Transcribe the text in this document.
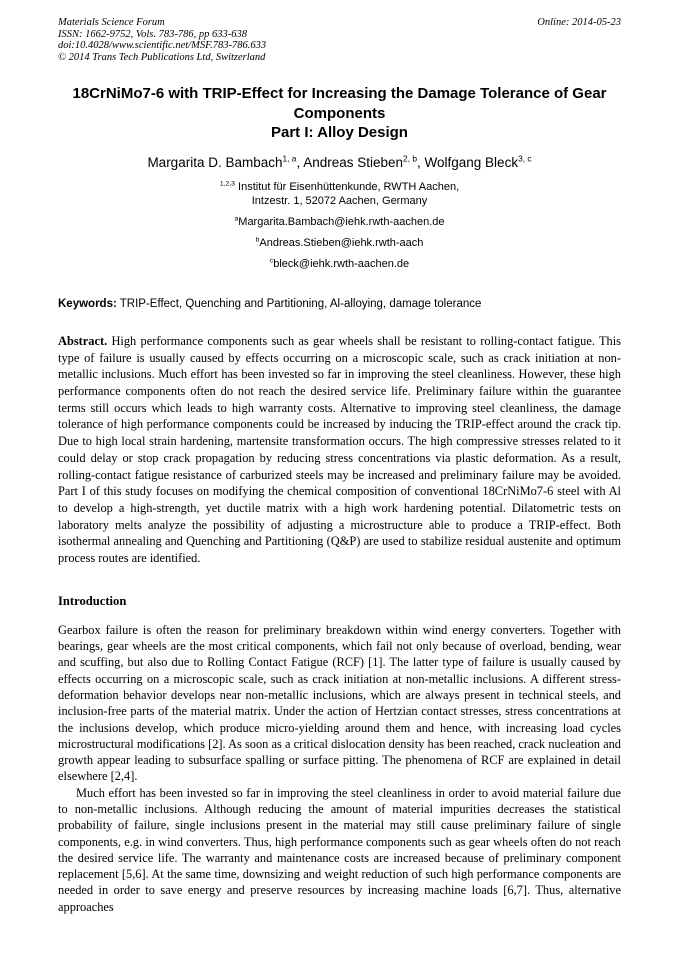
Materials Science Forum
ISSN: 1662-9752, Vols. 783-786, pp 633-638
doi:10.4028/www.scientific.net/MSF.783-786.633
© 2014 Trans Tech Publications Ltd, Switzerland
Online: 2014-05-23
18CrNiMo7-6 with TRIP-Effect for Increasing the Damage Tolerance of Gear Components
Part I: Alloy Design
Margarita D. Bambach$^{1, a}$, Andreas Stieben$^{2, b}$, Wolfgang Bleck$^{3, c}$
$^{1,2,3}$ Institut für Eisenhüttenkunde, RWTH Aachen,
Intzestr. 1, 52072 Aachen, Germany
$^a$Margarita.Bambach@iehk.rwth-aachen.de
$^b$Andreas.Stieben@iehk.rwth-aach
$^c$bleck@iehk.rwth-aachen.de

Keywords: TRIP-Effect, Quenching and Partitioning, Al-alloying, damage tolerance

Abstract. High performance components such as gear wheels shall be resistant to rolling-contact fatigue. This type of failure is usually caused by effects occurring on a microscopic scale, such as crack initiation at non-metallic inclusions. Much effort has been invested so far in improving the steel cleanliness. However, these high performance components often do not reach the desired service life. Preliminary failure within the guarantee terms still occurs which leads to high warranty costs. Alternative to improving steel cleanliness, the damage tolerance of high performance components could be increased by inducing the TRIP-effect around the crack tip. Due to high local strain hardening, martensite transformation occurs. The high compressive stresses related to it could delay or stop crack propagation by reducing stress concentrations via plastic deformation. As a result, rolling-contact fatigue resistance of carburized steels may be increased and preliminary failure may be avoided. Part I of this study focuses on modifying the chemical composition of conventional 18CrNiMo7-6 steel with Al to develop a high-strength, yet ductile matrix with a high work hardening potential. Dilatometric tests on laboratory melts analyze the possibility of adjusting a microstructure able to produce a TRIP-effect. Both isothermal annealing and Quenching and Partitioning (Q&P) are used to stabilize residual austenite and optimum process routes are identified.

Introduction

Gearbox failure is often the reason for preliminary breakdown within wind energy converters. Together with bearings, gear wheels are the most critical components, which fail not only because of overload, bending, wear and scuffing, but also due to Rolling Contact Fatigue (RCF) [1]. The latter type of failure is usually caused by effects occurring on a microscopic scale, such as crack initiation at non-metallic inclusions. A different stress-deformation behavior develops near non-metallic inclusions, which are always present in technical steels, and inclusion-free parts of the material matrix. Under the action of Hertzian contact stresses, stress concentrations at the inclusions develop, which produce micro-yielding around them and hence, with increasing load cycles microstructural modifications [2]. As soon as a critical dislocation density has been reached, crack nucleation and growth appear leading to subsurface spalling or surface pitting. The phenomena of RCF are explained in detail elsewhere [2,4].

Much effort has been invested so far in improving the steel cleanliness in order to avoid material failure due to non-metallic inclusions. Although reducing the amount of material impurities decreases the statistical probability of failure, single inclusions present in the material may still cause preliminary failure of single components, e.g. in wind converters. Thus, high performance components such as gear wheels often do not reach the desired service life. The warranty and maintenance costs are increased because of preliminary component replacement [5,6]. At the same time, downsizing and weight reduction of such high performance components are needed in order to save energy and preserve resources by increasing machine loads [6,7]. Thus, alternative approaches
